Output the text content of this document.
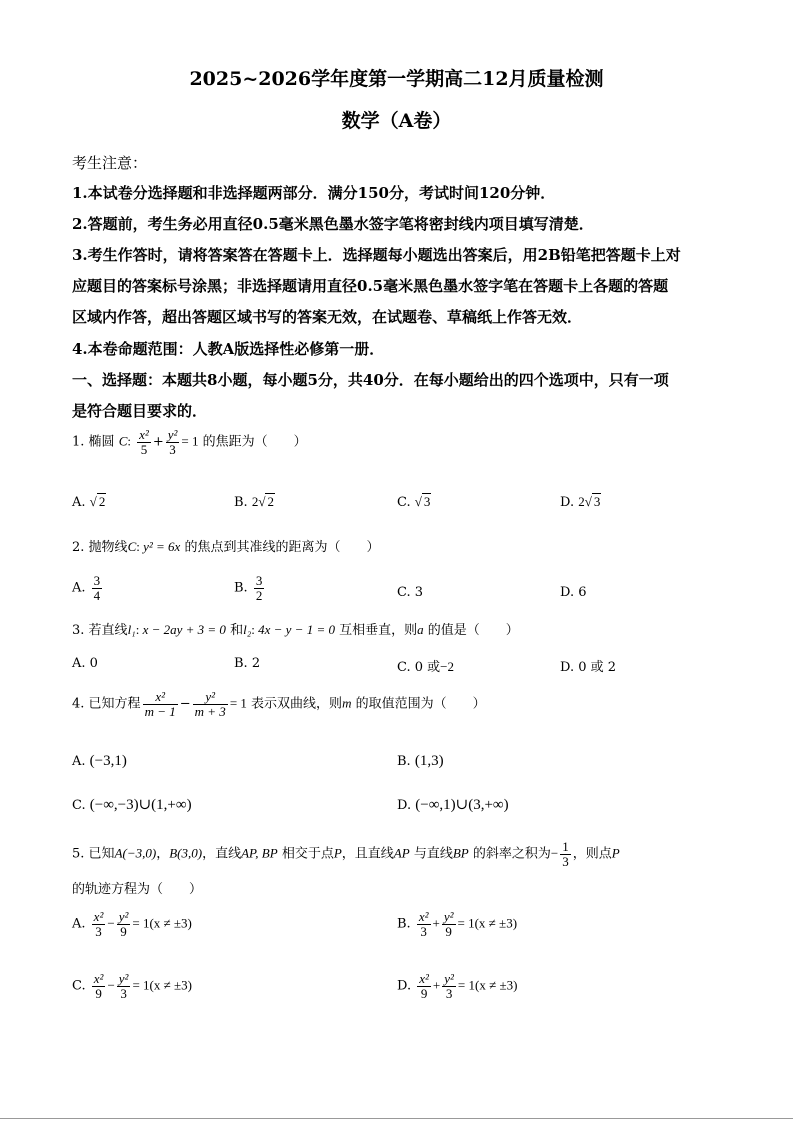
2025~2026学年度第一学期高二12月质量检测
数学（A卷）
考生注意：
1.本试卷分选择题和非选择题两部分．满分150分，考试时间120分钟．
2.答题前，考生务必用直径0.5毫米黑色墨水签字笔将密封线内项目填写清楚．
3.考生作答时，请将答案答在答题卡上．选择题每小题选出答案后，用2B铅笔把答题卡上对
应题目的答案标号涂黑；非选择题请用直径0.5毫米黑色墨水签字笔在答题卡上各题的答题
区域内作答，超出答题区域书写的答案无效，在试题卷、草稿纸上作答无效．
4.本卷命题范围：人教A版选择性必修第一册．
一、选择题：本题共8小题，每小题5分，共40分．在每小题给出的四个选项中，只有一项
是符合题目要求的．
1. 椭圆 C: $\frac{\text{x²}}{5} + \frac{\text{y²}}{3} = 1$ 的焦距为（　　）
A. √ 2	B. 2√ 2	C. √ 3	D. 2√ 3
2. 抛物线C: y² = 6x 的焦点到其准线的距离为（　　）
A. $\frac{3}{4}$	B. $\frac{3}{2}$	C. 3	D. 6
3. 若直线l₁: x − 2ay + 3 = 0 和l₂: 4x − y − 1 = 0 互相垂直，则a 的值是（　　）
A. 0	B. 2	C. 0 或−2	D. 0 或 2
4. 已知方程 $\frac{\text{x²}}{m - 1} - \frac{\text{y²}}{m + 3} = 1$ 表示双曲线，则m 的取值范围为（　　）
A. (−3,1)	B. (1,3)
C. (−∞,−3)∪(1,+∞)	D. (−∞,1)∪(3,+∞)
5. 已知A(−3,0)，B(3,0)，直线AP, BP 相交于点P，且直线AP 与直线BP 的斜率之积为− $\frac{1}{3}$ ，则点P
的轨迹方程为（　　）
A. $\frac{\text{x²}}{3} - \frac{\text{y²}}{9} = 1(x \ne \pm 3)$	B. $\frac{\text{x²}}{3} + \frac{\text{y²}}{9} = 1(x \ne \pm 3)$
C. $\frac{\text{x²}}{9} - \frac{\text{y²}}{3} = 1(x \ne \pm 3)$	D. $\frac{\text{x²}}{9} + \frac{\text{y²}}{3} = 1(x \ne \pm 3)$
